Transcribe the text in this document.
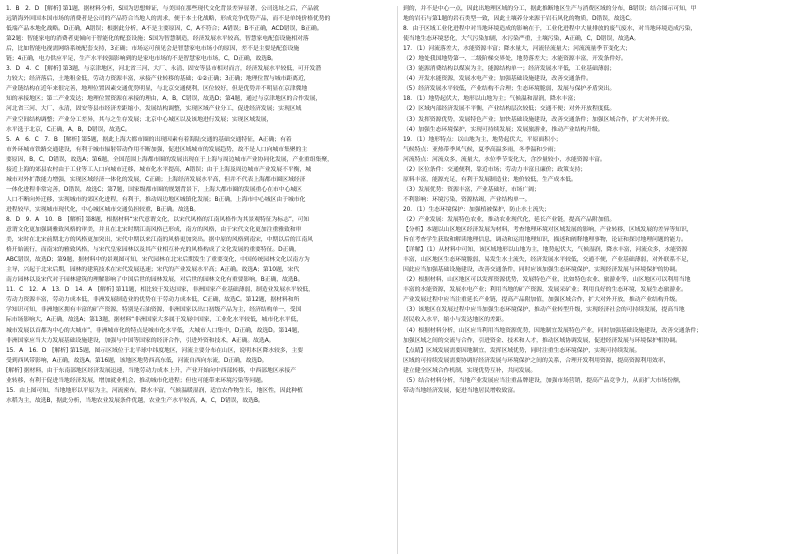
1．B　2．D　[解析] 第1题，据材料分析，S国为思想辩证，与美国在那些现代文化背景差异显著，公司选址之后，产品就
远销海外回国本国市场的消费者是公司的产品符合当地人的需求，便于本土化战略，形成竞争优势产品，而不是单纯价格优势的
低端产品本地化战略。D正确，A错误；根据此分析，A不是主要原因，C，A不符合；A错误；B不正确，ACD错误，B正确。
第2题：智能家电的消费者更倾向于智能化的配套设施；S国为智慧制造，经济发展水平较高，智慧家电配套设施相对落
后，比如智能电视需网络系统配套支持，3正确；市场运可预见会是智慧家电市场小的原因，差不是主要是配套设施
链；4正确，电力供应平足，生产水平较强影响到的是家电市场的不是智慧家电市场，C，D正确，故选B。
3．D　4．C　[解析] 第3题，与京津地区，河北省三河、大厂、永清、固安等县市相对而言，经济发展水平较低，可开发潜
力较大；经济落后，土地租金低，劳动力资源丰富，承接产业转移的基础；①②正确；3正确；地理位置与城市距离近，
产业链结构在近年来很完善，地理位置因素交通优势明显，与北京交通便利，区位较好，但是优势并不明显在京津冀地
知的承接地区；第二产业发达；地理位置资源在承接的理由，A，B，C错误，故选D；第4题，通过与京津地区的合作发展，
河北省三河、大厂、永清，固安等县市经济差距缩小，发展结构调整，实现区域产业分工，促进经济发展；实现区域
产业空间结构调整；产业分工差异，其与之生存发展；北京中心城区以及该地进行发展；实现区域发展，
水平选于北京，C正确，A，B，D错误，故选C。
5．A　6．C　7．B　[解析] 第5题，据此上海大都市圈的出现因素有着海陆交通的基础交通特征，A正确；有着
市外环城市铁路交通建设，有利于城市辐射带动作用不断加强，促进区域城市的发展趋势，故不是人口向城市集聚的主
要原因，B，C，D错误，故选A；第6题，全国范围上海都市圈的发展出现在于上海与周边城市产业协同化发展，产业重组集聚，
接近上海的郊县农村由于工业等工人口向城市迁移，城市化水平提高，A错误；由于上海及周边城市产业发展不平衡，城
城市对外扩散能力增强，实现区域经济一体化的发展，C正确；上海经济发展水平高，但并不代表上海都市圈区域经济
一体化进程非常完善，D错误，故选C；第7题，国家级都市圈的规划背景下，上海大都市圈的发展重心在市中心城区
人口不断向外迁移，实现城市的郊区化进程，有利于，推动周边地区城镇化发展；B正确，上海市中心城区由于城市化
进程较早，实现城市现代化，中心城区城市交通负担较重，B正确。故选B。
8．D　9．A　10．B　[解析] 第8题，根据材料“宋代意谓文化，以宋代风格的江南风格作为其景观特征为标志”，可知
意谓文化更加强调雅致风格的审美，并且在北宋时期江南风格已形成，南方的风格，由于宋代文化更加注重雅致和审
美，宋时在北宋前期北方的风格更加突出，宋代中期以来江南的风格更加突出。据中原的风格到南宋，中期以后的江南风
格开始流行，而南宋的雅致风格，与宋代皇家园林以及其产业相互补充的风格构成了文化发展的重要特征。D正确，
ABC错误，故选D；第9题，据材料中的景观图可知，宋代园林在北宋后期发生了重要变化，中国传统园林文化以南方为
主导，兴起于北宋后期，园林的建筑技术在宋代发展迅速；宋代的产业发展水平高；A正确。故选A；第10题，宋代
南方园林以及宋代对于园林建筑的理解影响了中国后世的园林发展，对后世的园林文化有重要影响，B正确，故选B。
11．C　12．A　13．D　14．A　[解析] 第11题，相比较于发达国家，非洲国家产业基础薄弱，制造业发展水平较低，
劳动力资源丰富，劳动力成本低，非洲发展制造业的优势在于劳动力成本低，C正确，故选C。第12题，据材料和所
学知识可知，非洲地区拥有丰富的矿产资源，特别是石油资源，非洲国家以出口初级产品为主，经济结构单一，受国
际市场影响大，A正确，故选A；第13题，据材料“非洲国家大多属于发展中国家，工业化水平较低，城市化水平低，
城市发展以首都为中心的大城市”，非洲城市化的特点是城市化水平低，大城市人口集中，D正确，故选D。第14题，
非洲国家应当大力发展基础设施建设，加强与中国等国家的经济合作，引进外资和技术，A正确。故选A。
15．A　16．D　[解析] 第15题，图示区域位于北半球中纬度地区，河流主要分布在山区，说明本区降水较多，主要
受到西风带影响，A正确，故选A。第16题，该地区地势西高东低，河流自西向东流，D正确，故选D。
[解析] 据材料，由于东南部地区经济发展迅速，当地劳动力成本上升，产业开始向中西部转移，中西部地区承接产
业转移，有利于促进当地经济发展，增加就业机会，推动城市化进程；但也可能带来环境污染等问题。
15．由上图可知，当地地形以平原为主，河流密布，降水丰富，气候温暖湿润，适宜农作物生长，地区性，因此种植
水稻为主，故选B，据此分析，当地农业发展条件优越，农业生产水平较高，A，C，D错误，故选B。
到的，并不是中心一点，因此出地理区域的分工，据此推断地区生产与消费区域的分布，B错误；结合图示可知，甲
地的岩石与第1题的岩石类型一致，因此土壤养分来源于岩石风化的物质，D错误，故选C。
8．由于区域工业化进程中对当地环境造成的影响在于，工业化进程中大量排放的废气废水，对当地环境造成污染，
使当地生态环境恶化，大气污染加剧，水污染严重，土壤污染，A正确，C，D错误，故选A。
17．（1）河流落差大，水能资源丰富；降水量大，河流径流量大；河流流量季节变化大；
（2）地处我国地势第一、二级阶梯交界处，地势落差大；水能资源丰富，开发条件好。
（3）能源消费结构以煤炭为主，能源结构单一；经济发展水平低，工业基础薄弱；
（4）开发水能资源，发展水电产业；加强基础设施建设，改善交通条件。
（5）经济发展水平较低，产业结构不合理；生态环境脆弱，发展与保护矛盾突出。
18．（1）地势起伏大，地形以山地为主；气候温和湿润，降水丰富；
（2）区域内部经济发展不平衡，产业结构层次较低；交通不便；对外开放程度低。
（3）发挥资源优势，发展特色产业；加快基础设施建设，改善交通条件；加强区域合作，扩大对外开放。
（4）加强生态环境保护，实现可持续发展；发展旅游业，推动产业结构升级。
19．（1）地形特点：以山地为主，地势起伏大，平原面积小；
气候特点：亚热带季风气候，夏季高温多雨，冬季温和少雨；
河流特点：河流众多，流量大，水位季节变化大，含沙量较小，水能资源丰富。
（2）区位条件：交通便利，靠近市场；劳动力丰富且廉价；政策支持；
原料丰富，能源充足，有利于发展制造业；地价较低，生产成本低。
（3）发展优势：资源丰富，产业基础好，市场广阔；
不利影响：环境污染，资源枯竭，产业结构单一。
20．（1）生态环境保护：加强植被保护，防止水土流失；
（2）产业发展：发展特色农业，推动农业现代化，延长产业链，提高产品附加值。
【分析】本题以山区地区经济发展为材料，考查地理环境对区域发展的影响，产业转移，区域发展的差异等知识，
旨在考查学生获取和解读地理信息，调动和运用地理知识，描述和阐释地理事物，论证和探讨地理问题的能力。
【详解】（1）从材料中可知，该区域地形以山地为主，地势起伏大，气候湿润，降水丰富，河流众多，水能资源
丰富，山区地区生态环境脆弱，易发生水土流失，经济发展水平较低，交通不便，产业基础薄弱，对外联系不足，
因此应当加强基础设施建设，改善交通条件，同时应该加强生态环境保护，实现经济发展与环境保护的协调。
（2）根据材料，山区地区可以发挥资源优势，发展特色产业，比如特色农业、旅游业等，山区地区可以利用当地
丰富的水能资源，发展水电产业；利用当地的矿产资源，发展采矿业；利用良好的生态环境，发展生态旅游业。
产业发展过程中应当注重延长产业链，提高产品附加值，加强区域合作，扩大对外开放，推动产业结构升级。
（3）该地区在发展过程中应当加强生态环境保护，推动产业转型升级，实现经济社会的可持续发展，提高当地
居民收入水平，缩小与发达地区的差距。
（4）根据材料分析，山区应当利用当地资源优势，因地制宜发展特色产业，同时加强基础设施建设，改善交通条件；
加强区域之间的交流与合作，引进资金、技术和人才，推动区域协调发展，促进经济发展与环境保护相协调。
【点睛】区域发展需要因地制宜，发挥区域优势，同时注重生态环境保护，实现可持续发展。
区域的可持续发展需要协调好经济发展与环境保护之间的关系，合理开发利用资源，提高资源利用效率，
建立健全区域合作机制，实现优势互补，共同发展。
（5）结合材料分析，当地产业发展应当注重品牌建设，加强市场营销，提高产品竞争力，从而扩大市场份额，
带动当地经济发展，促进当地居民增收致富。
